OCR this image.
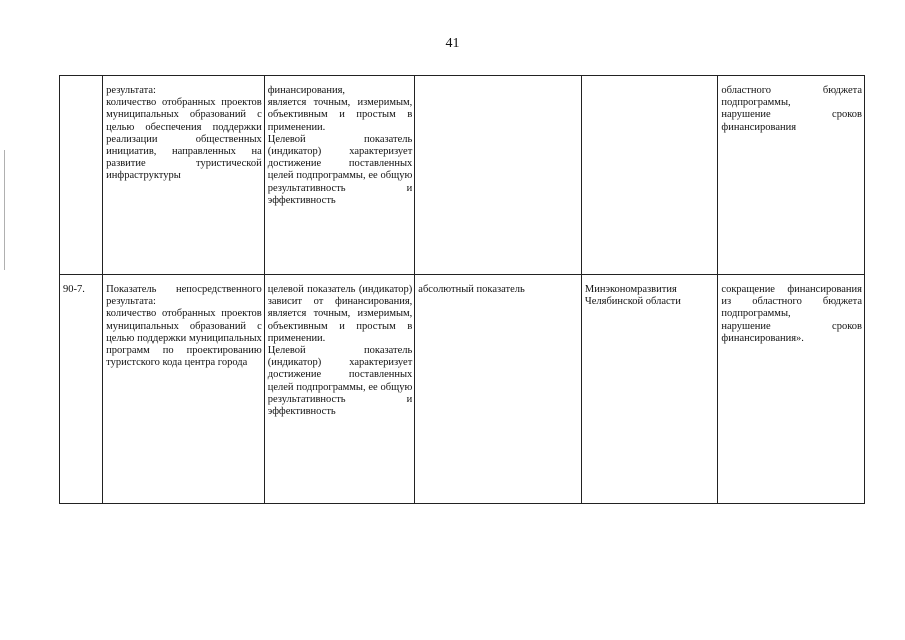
41
	результата:
количество отобранных проектов муниципальных образований с целью обеспечения поддержки реализации общественных инициатив, направленных на развитие туристической инфраструктуры	финансирования,
является точным, измеримым, объективным и простым в применении.
Целевой показатель (индикатор) характеризует достижение поставленных целей подпрограммы, ее общую результативность и эффективность			областного бюджета подпрограммы,
нарушение сроков финансирования
90-7.	Показатель непосредственного результата:
количество отобранных проектов муниципальных образований с целью поддержки муниципальных программ по проектированию туристского кода центра города	целевой показатель (индикатор) зависит от финансирования, является точным, измеримым, объективным и простым в применении.
Целевой показатель (индикатор) характеризует достижение поставленных целей подпрограммы, ее общую результативность и эффективность	абсолютный показатель	Минэкономразвития Челябинской области	сокращение финансирования из областного бюджета подпрограммы,
нарушение сроков финансирования».
